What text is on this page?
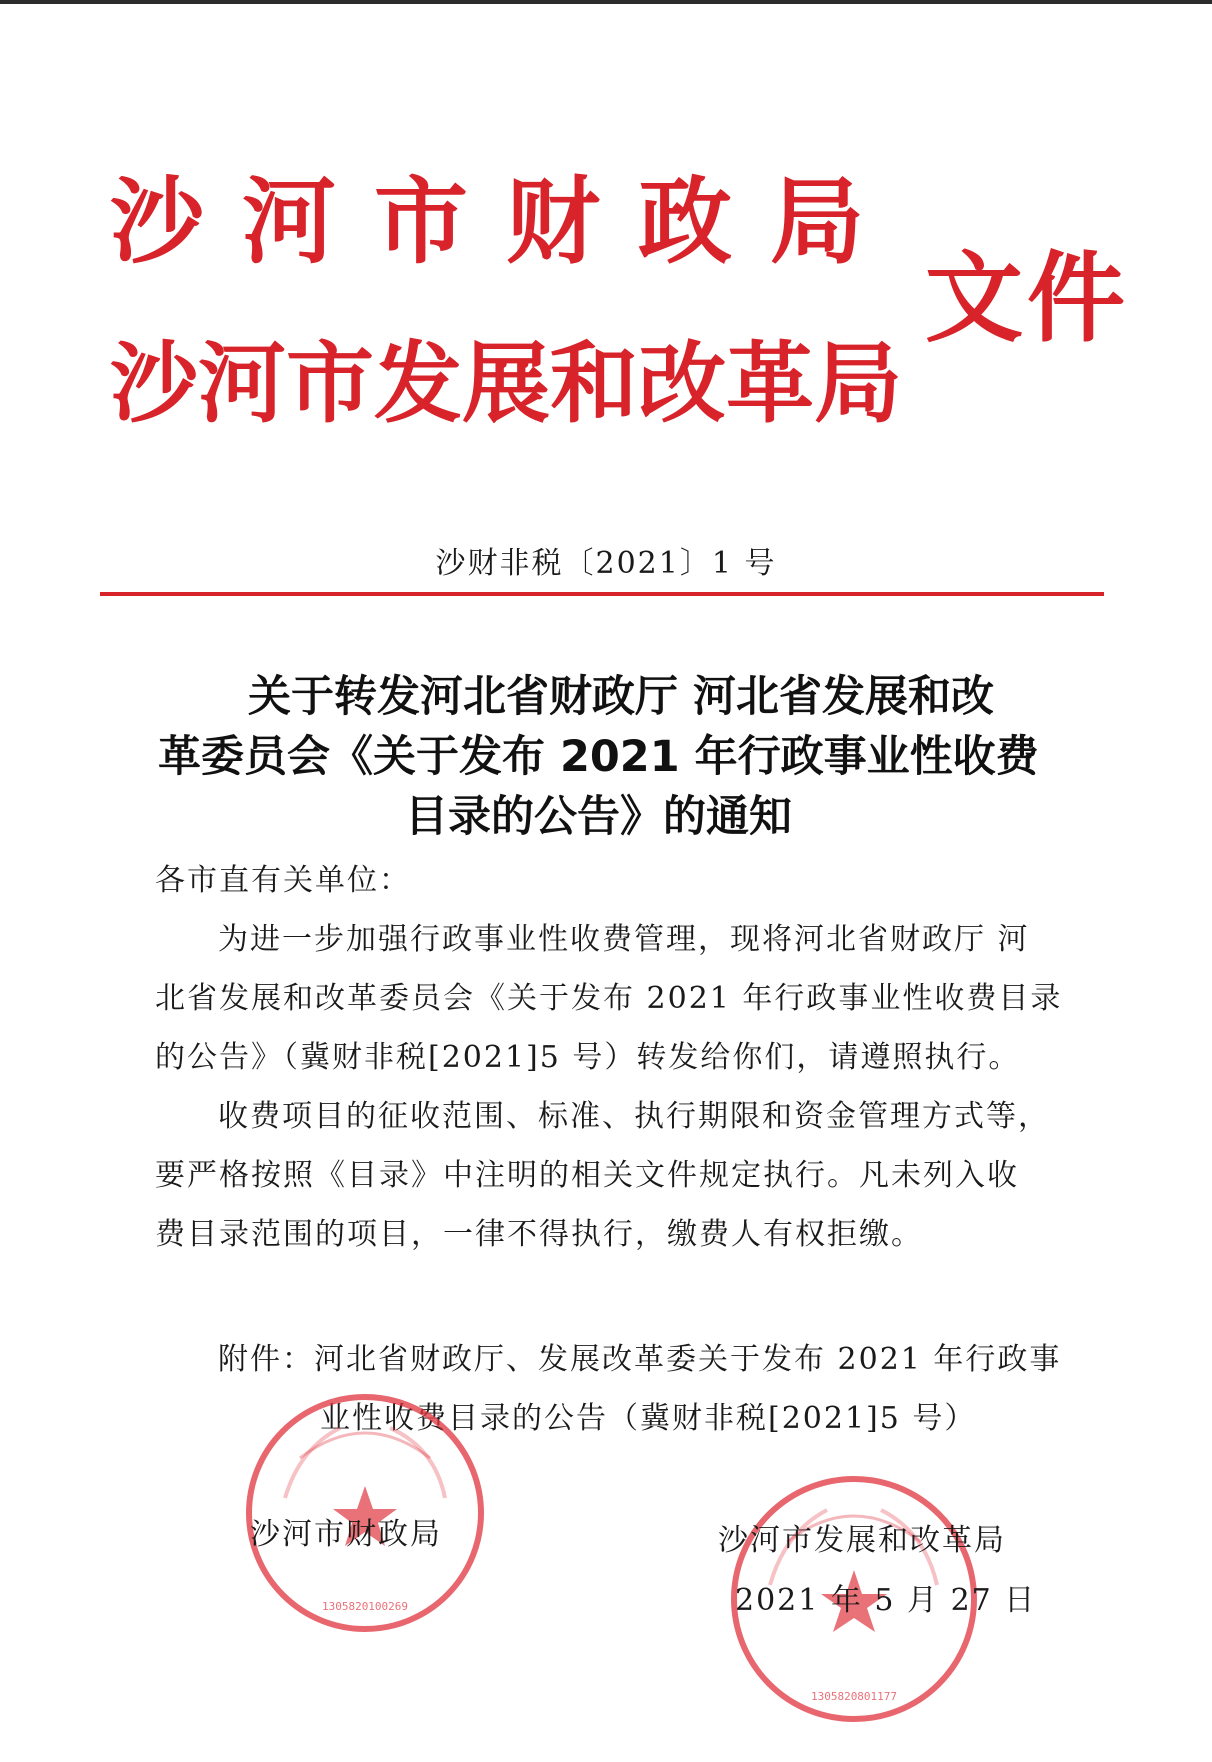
沙河市财政局
沙河市发展和改革局
文件
沙财非税〔2021〕1 号
关于转发河北省财政厅 河北省发展和改
革委员会《关于发布 2021 年行政事业性收费
目录的公告》的通知
各市直有关单位：
为进一步加强行政事业性收费管理，现将河北省财政厅 河
北省发展和改革委员会《关于发布 2021 年行政事业性收费目录
的公告》（冀财非税[2021]5 号）转发给你们，请遵照执行。
收费项目的征收范围、标准、执行期限和资金管理方式等，
要严格按照《目录》中注明的相关文件规定执行。凡未列入收
费目录范围的项目，一律不得执行，缴费人有权拒缴。
附件：河北省财政厅、发展改革委关于发布 2021 年行政事
业性收费目录的公告（冀财非税[2021]5 号）
1305820100269
1305820801177
沙河市财政局	沙河市发展和改革局
2021 年 5 月 27 日
